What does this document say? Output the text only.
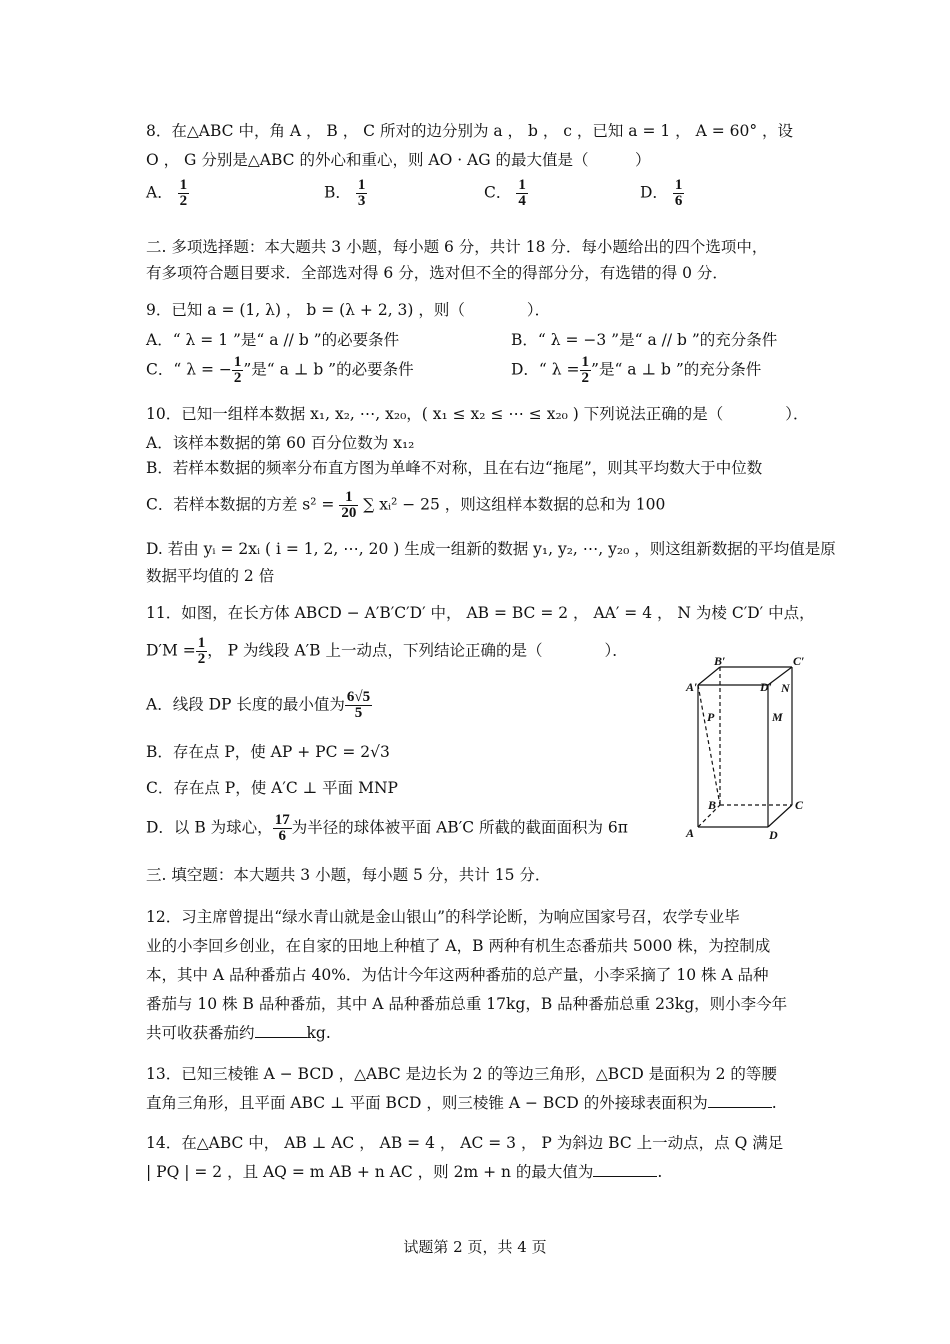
8．在△ABC 中，角 A ， B ， C 所对的边分别为 a ， b ， c ，已知 a = 1 ， A = 60° ，设
O ， G 分别是△ABC 的外心和重心，则 AO · AG 的最大值是（　　　）
A． $\frac{1}{2}$	B． $\frac{1}{3}$	C． $\frac{1}{4}$	D． $\frac{1}{6}$
二. 多项选择题：本大题共 3 小题，每小题 6 分，共计 18 分．每小题给出的四个选项中，
有多项符合题目要求．全部选对得 6 分，选对但不全的得部分分，有选错的得 0 分．
9．已知 a = (1, λ) ， b = (λ + 2, 3) ，则（　　　　）．
A．“ λ = 1 ”是“ a // b ”的必要条件	B．“ λ = −3 ”是“ a // b ”的充分条件
C．“ λ = − $\frac{1}{2}$ ”是“ a ⊥ b ”的必要条件	D．“ $\lambda = \frac{1}{2}$ ”是“ a ⊥ b ”的充分条件
10．已知一组样本数据 x₁, x₂, ⋯, x₂₀，( x₁ ≤ x₂ ≤ ⋯ ≤ x₂₀ ) 下列说法正确的是（　　　　）．
A．该样本数据的第 60 百分位数为 x₁₂
B．若样本数据的频率分布直方图为单峰不对称，且在右边“拖尾”，则其平均数大于中位数
C．若样本数据的方差 $s^2 = \frac{1}{20}$ ∑ xᵢ² − 25 ，则这组样本数据的总和为 100
D. 若由 yᵢ = 2xᵢ ( i = 1, 2, ⋯, 20 ) 生成一组新的数据 y₁, y₂, ⋯, y₂₀ ，则这组新数据的平均值是原
数据平均值的 2 倍
11．如图，在长方体 ABCD − A′B′C′D′ 中， AB = BC = 2 ， AA′ = 4 ， N 为棱 C′D′ 中点，
$D'M = \frac{1}{2}$ ， P 为线段 A′B 上一动点，下列结论正确的是（　　　　）．
A．线段 DP 长度的最小值为 $\frac{6√5}{5}$
B．存在点 P，使 AP + PC = 2√3
C．存在点 P，使 A′C ⊥ 平面 MNP
D．以 B 为球心， $\frac{17}{6}$ 为半径的球体被平面 AB′C 所截的截面面积为 6π
B′	C′
A′	D′ N
P	M
B	C
A	D
三. 填空题：本大题共 3 小题，每小题 5 分，共计 15 分．
12．习主席曾提出“绿水青山就是金山银山”的科学论断，为响应国家号召，农学专业毕
业的小李回乡创业，在自家的田地上种植了 A，B 两种有机生态番茄共 5000 株，为控制成
本，其中 A 品种番茄占 40%．为估计今年这两种番茄的总产量，小李采摘了 10 株 A 品种
番茄与 10 株 B 品种番茄，其中 A 品种番茄总重 17kg，B 品种番茄总重 23kg，则小李今年
共可收获番茄约	kg.
13．已知三棱锥 A − BCD ，△ABC 是边长为 2 的等边三角形，△BCD 是面积为 2 的等腰
直角三角形，且平面 ABC ⊥ 平面 BCD ，则三棱锥 A − BCD 的外接球表面积为	.
14．在△ABC 中， AB ⊥ AC ， AB = 4 ， AC = 3 ， P 为斜边 BC 上一动点，点 Q 满足
| PQ | = 2 ，且 AQ = m AB + n AC ，则 2m + n 的最大值为	.
试题第 2 页，共 4 页
